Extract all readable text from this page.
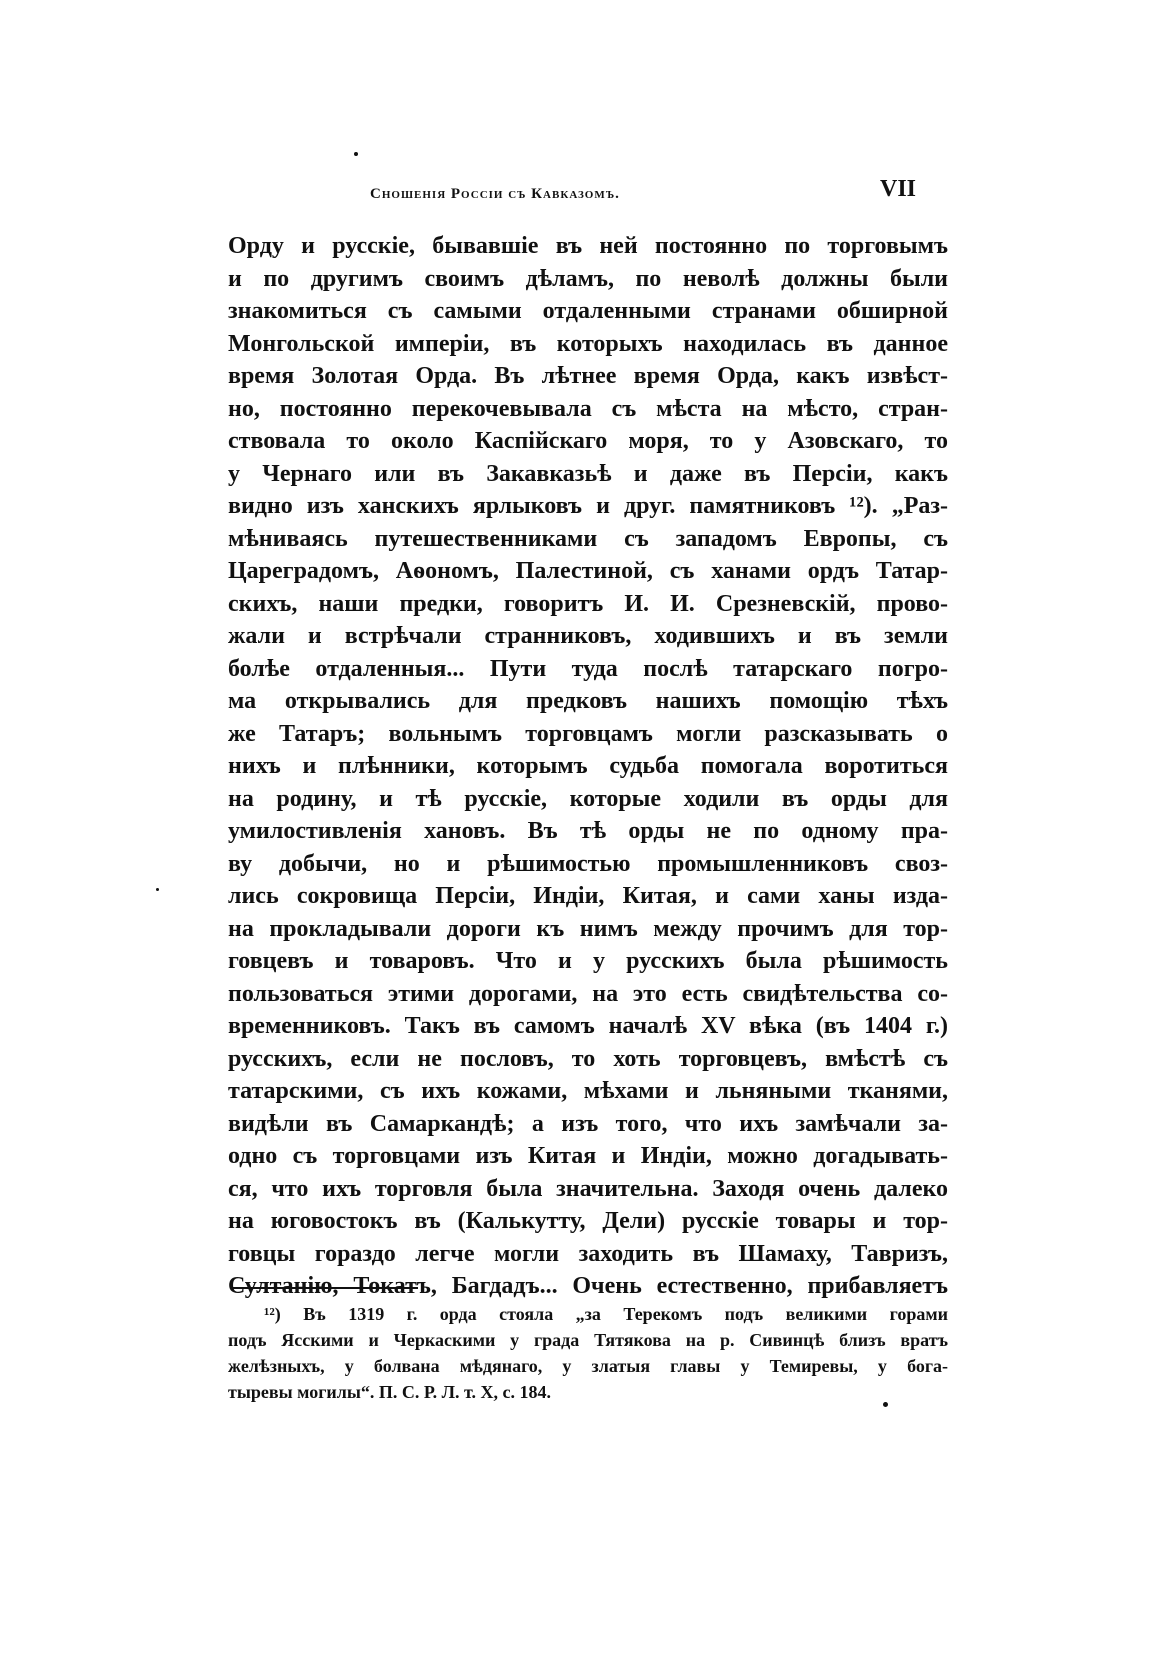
Сношенія Россіи съ Кавказомъ.	VII
Орду и русскіе, бывавшіе въ ней постоянно по торговымъ
и по другимъ своимъ дѣламъ, по неволѣ должны были
знакомиться съ самыми отдаленными странами обширной
Монгольской имперіи, въ которыхъ находилась въ данное
время Золотая Орда. Въ лѣтнее время Орда, какъ извѣст-
но, постоянно перекочевывала съ мѣста на мѣсто, стран-
ствовала то около Каспійскаго моря, то у Азовскаго, то
у Чернаго или въ Закавказьѣ и даже въ Персіи, какъ
видно изъ ханскихъ ярлыковъ и друг. памятниковъ ¹²). „Раз-
мѣниваясь путешественниками съ западомъ Европы, съ
Цареградомъ, Аѳономъ, Палестиной, съ ханами ордъ Татар-
скихъ, наши предки, говоритъ И. И. Срезневскій, прово-
жали и встрѣчали странниковъ, ходившихъ и въ земли
болѣе отдаленныя... Пути туда послѣ татарскаго погро-
ма открывались для предковъ нашихъ помощію тѣхъ
же Татаръ; вольнымъ торговцамъ могли разсказывать о
нихъ и плѣнники, которымъ судьба помогала воротиться
на родину, и тѣ русскіе, которые ходили въ орды для
умилостивленія хановъ. Въ тѣ орды не по одному пра-
ву добычи, но и рѣшимостью промышленниковъ своз-
лись сокровища Персіи, Индіи, Китая, и сами ханы изда-
на прокладывали дороги къ нимъ между прочимъ для тор-
говцевъ и товаровъ. Что и у русскихъ была рѣшимость
пользоваться этими дорогами, на это есть свидѣтельства со-
временниковъ. Такъ въ самомъ началѣ XV вѣка (въ 1404 г.)
русскихъ, если не пословъ, то хоть торговцевъ, вмѣстѣ съ
татарскими, съ ихъ кожами, мѣхами и льняными тканями,
видѣли въ Самаркандѣ; а изъ того, что ихъ замѣчали за-
одно съ торговцами изъ Китая и Индіи, можно догадывать-
ся, что ихъ торговля была значительна. Заходя очень далеко
на юговостокъ въ (Калькутту, Дели) русскіе товары и тор-
говцы гораздо легче могли заходить въ Шамаху, Тавризъ,
Султанію, Токатъ, Багдадъ... Очень естественно, прибавляетъ
¹²) Въ 1319 г. орда стояла „за Терекомъ подъ великими горами
подъ Ясскими и Черкаскими у града Тятякова на р. Сивинцѣ близъ вратъ
желѣзныхъ, у болвана мѣдянаго, у златыя главы у Темиревы, у бога-
тыревы могилы“. П. С. Р. Л. т. X, с. 184.
